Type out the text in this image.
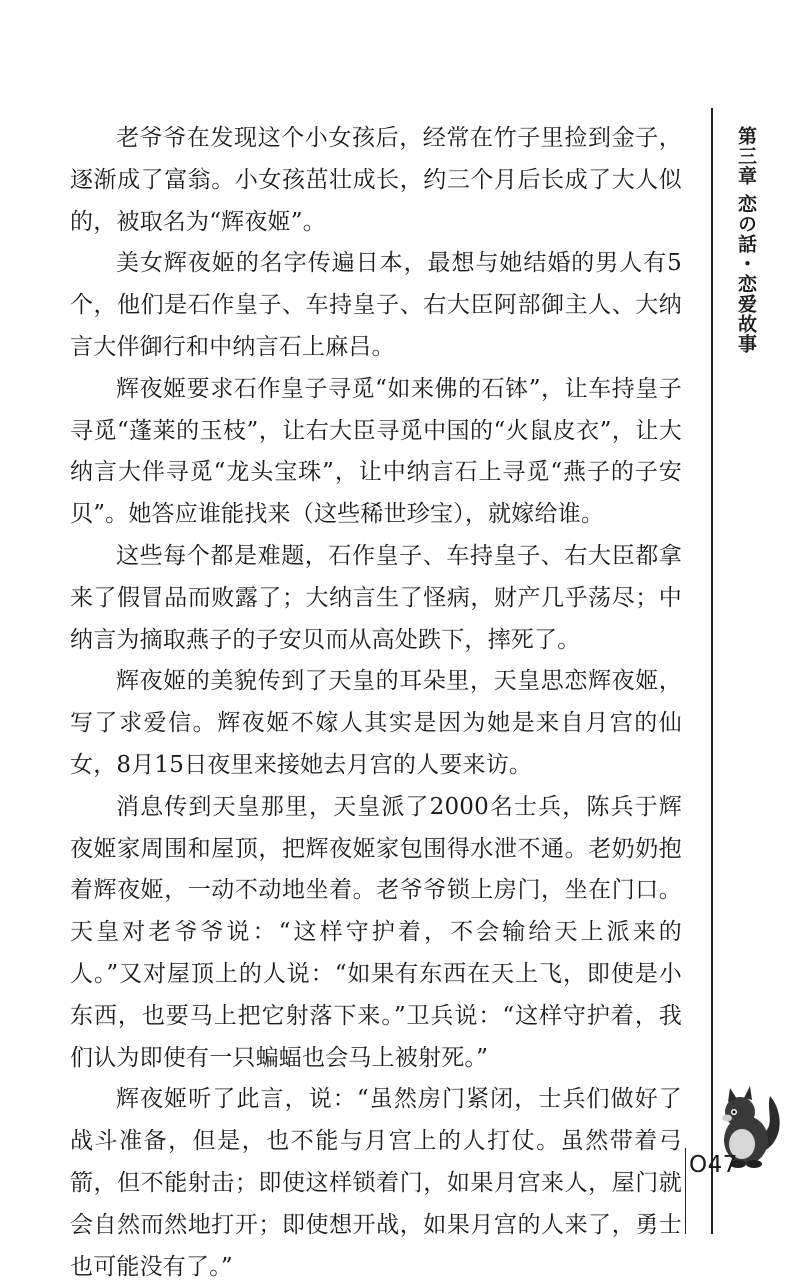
老爷爷在发现这个小女孩后，经常在竹子里捡到金子，逐渐成了富翁。小女孩茁壮成长，约三个月后长成了大人似的，被取名为“辉夜姬”。

美女辉夜姬的名字传遍日本，最想与她结婚的男人有5个，他们是石作皇子、车持皇子、右大臣阿部御主人、大纳言大伴御行和中纳言石上麻吕。

辉夜姬要求石作皇子寻觅“如来佛的石钵”，让车持皇子寻觅“蓬莱的玉枝”，让右大臣寻觅中国的“火鼠皮衣”，让大纳言大伴寻觅“龙头宝珠”，让中纳言石上寻觅“燕子的子安贝”。她答应谁能找来（这些稀世珍宝），就嫁给谁。

这些每个都是难题，石作皇子、车持皇子、右大臣都拿来了假冒品而败露了；大纳言生了怪病，财产几乎荡尽；中纳言为摘取燕子的子安贝而从高处跌下，摔死了。

辉夜姬的美貌传到了天皇的耳朵里，天皇思恋辉夜姬，写了求爱信。辉夜姬不嫁人其实是因为她是来自月宫的仙女，8月15日夜里来接她去月宫的人要来访。

消息传到天皇那里，天皇派了2000名士兵，陈兵于辉夜姬家周围和屋顶，把辉夜姬家包围得水泄不通。老奶奶抱着辉夜姬，一动不动地坐着。老爷爷锁上房门，坐在门口。天皇对老爷爷说：“这样守护着，不会输给天上派来的人。”又对屋顶上的人说：“如果有东西在天上飞，即使是小东西，也要马上把它射落下来。”卫兵说：“这样守护着，我们认为即使有一只蝙蝠也会马上被射死。”

辉夜姬听了此言，说：“虽然房门紧闭，士兵们做好了战斗准备，但是，也不能与月宫上的人打仗。虽然带着弓箭，但不能射击；即使这样锁着门，如果月宫来人，屋门就会自然而然地打开；即使想开战，如果月宫的人来了，勇士也可能没有了。”

第三章 恋の話・恋爱故事
O47
